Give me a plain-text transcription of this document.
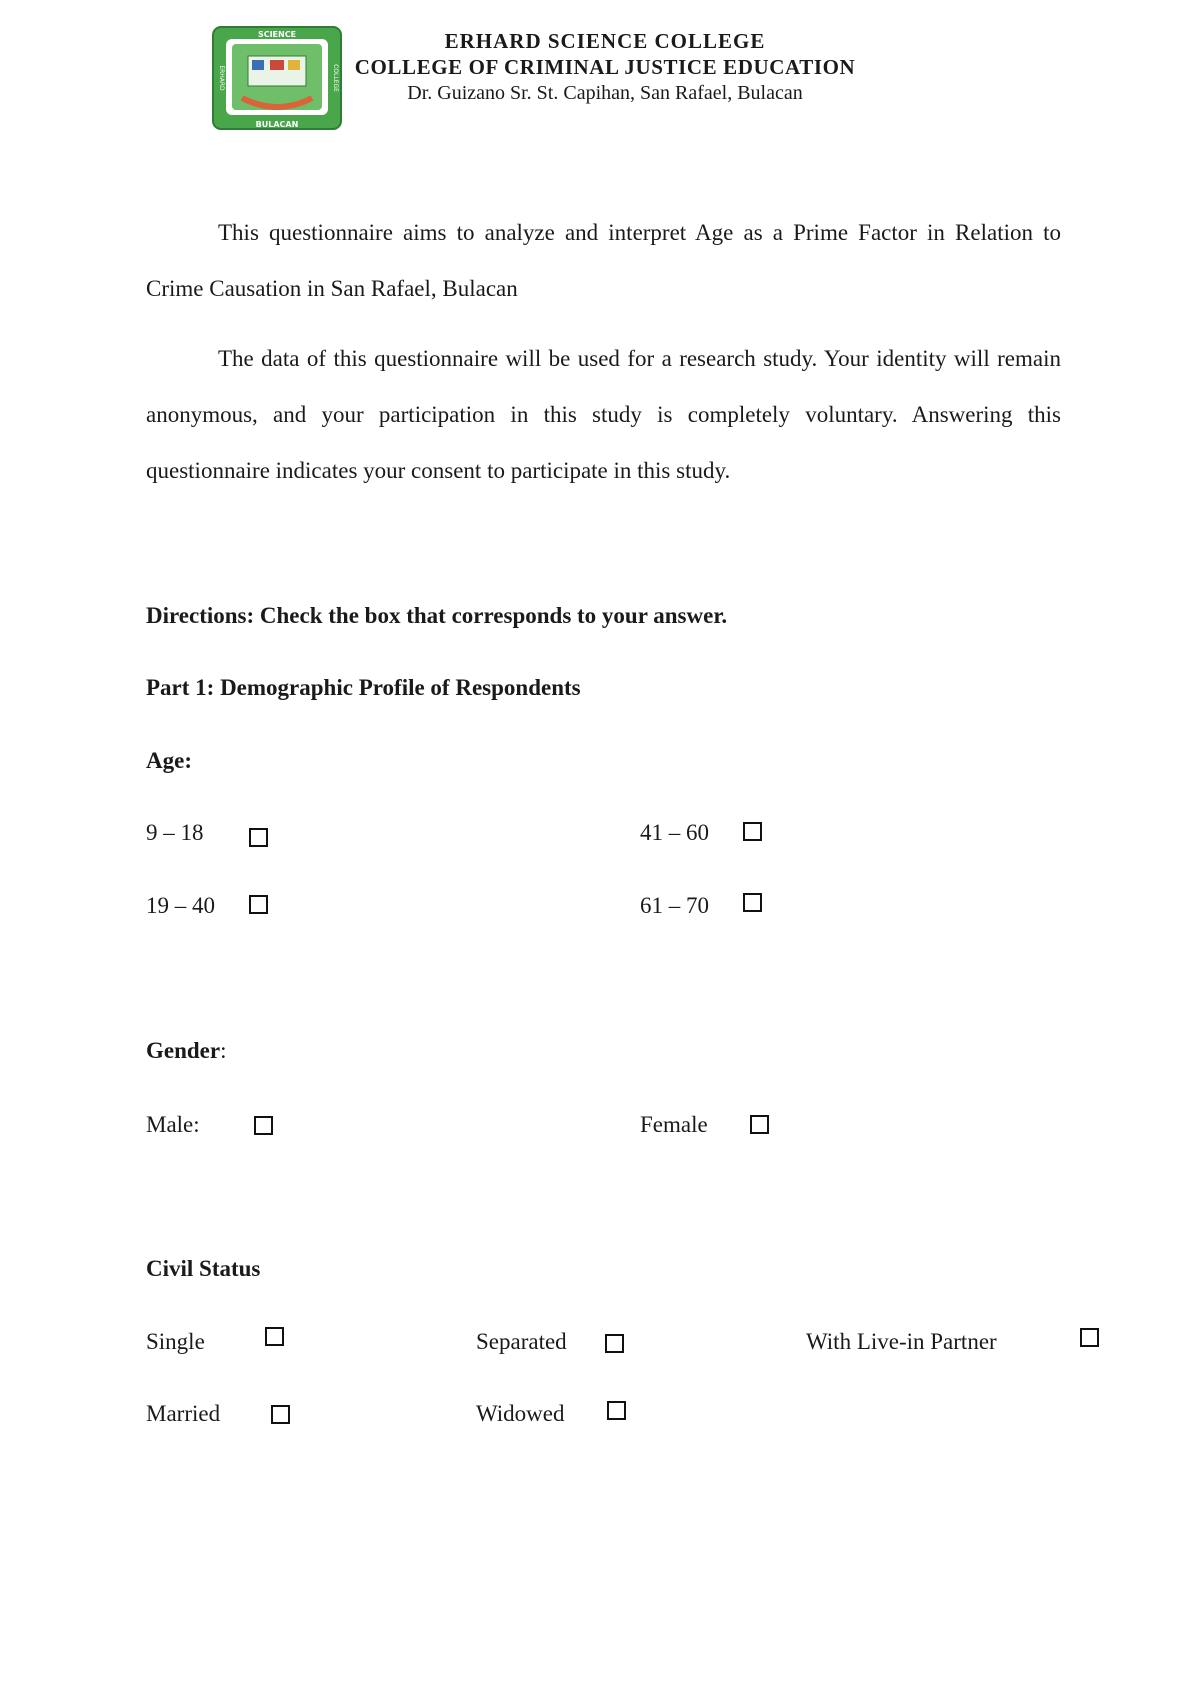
SCIENCE
BULACAN
ERHARD	COLLEGE
ERHARD SCIENCE COLLEGE
COLLEGE OF CRIMINAL JUSTICE EDUCATION
Dr. Guizano Sr. St. Capihan, San Rafael, Bulacan
This questionnaire aims to analyze and interpret Age as a Prime Factor in Relation to Crime Causation in San Rafael, Bulacan
The data of this questionnaire will be used for a research study. Your identity will remain anonymous, and your participation in this study is completely voluntary. Answering this questionnaire indicates your consent to participate in this study.
Directions: Check the box that corresponds to your answer.
Part 1: Demographic Profile of Respondents
Age:
9 – 18
19 – 40
41 – 60
61 – 70
Gender:
Male:	Female
Civil Status
Single
Married
Separated
Widowed
With Live-in Partner
